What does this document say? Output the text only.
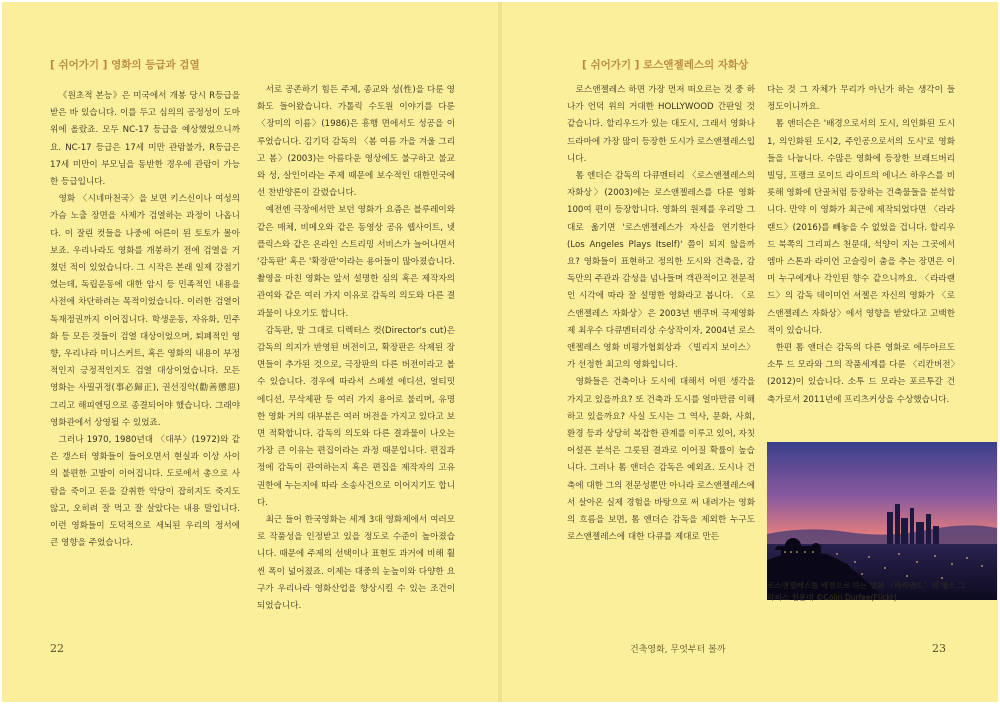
[ 쉬어가기 ] 영화의 등급과 검열

《원초적 본능》은 미국에서 개봉 당시 R등급을 받은 바 있습니다. 이를 두고 심의의 공정성이 도마 위에 올랐죠. 모두 NC-17 등급을 예상했었으니까요. NC-17 등급은 17세 미만 관람불가, R등급은 17세 미만이 부모님을 동반한 경우에 관람이 가능한 등급입니다.

영화 〈시네마천국〉을 보면 키스신이나 여성의 가슴 노출 장면을 사제가 검열하는 과정이 나옵니다. 이 잘린 컷들을 나중에 어른이 된 토토가 몰아 보죠. 우리나라도 영화를 개봉하기 전에 검열을 거쳤던 적이 있었습니다. 그 시작은 본래 일제 강점기였는데, 독립운동에 대한 암시 등 민족적인 내용을 사전에 차단하려는 목적이었습니다. 이러한 검열이 독재정권까지 이어집니다. 학생운동, 자유화, 민주화 등 모든 것들이 검열 대상이었으며, 퇴폐적인 영향, 우리나라 미니스커트, 혹은 영화의 내용이 부정적인지 긍정적인지도 검열 대상이었습니다. 모든 영화는 사필귀정(事必歸正), 권선징악(勸善懲惡) 그리고 해피엔딩으로 종결되어야 했습니다. 그래야 영화관에서 상영될 수 있었죠.

그러나 1970, 1980년대 〈대부〉(1972)와 같은 갱스터 영화들이 들어오면서 현실과 이상 사이의 불편한 고발이 이어집니다. 도로에서 총으로 사람을 죽이고 돈을 갈취한 악당이 잡히지도 죽지도 않고, 오히려 잘 먹고 잘 살았다는 내용 말입니다. 이런 영화들이 도덕적으로 세뇌된 우리의 정서에 큰 영향을 주었습니다.

서로 공존하기 힘든 주제, 종교와 성(性)을 다룬 영화도 들어왔습니다. 가톨릭 수도원 이야기를 다룬 〈장미의 이름〉(1986)은 흥행 면에서도 성공을 이루었습니다. 김기덕 감독의 〈봄 여름 가을 겨울 그리고 봄〉(2003)는 아름다운 영상에도 불구하고 불교와 성, 살인이라는 주제 때문에 보수적인 대한민국에선 찬반양론이 갈렸습니다.

예전엔 극장에서만 보던 영화가 요즘은 블루레이와 같은 매체, 비메오와 같은 동영상 공유 웹사이트, 넷플릭스와 같은 온라인 스트리밍 서비스가 늘어나면서 '감독판' 혹은 '확장판'이라는 용어들이 많아졌습니다. 촬영을 마친 영화는 앞서 설명한 심의 혹은 제작자의 관여와 같은 여러 가지 이유로 감독의 의도와 다른 결과물이 나오기도 합니다.

감독판, 말 그대로 디렉터스 컷(Director's cut)은 감독의 의지가 반영된 버전이고, 확장판은 삭제된 장면들이 추가된 것으로, 극장판의 다른 버전이라고 볼 수 있습니다. 경우에 따라서 스페셜 에디션, 얼티밋 에디션, 무삭제판 등 여러 가지 용어로 불리며, 유명한 영화 거의 대부분은 여러 버전을 가지고 있다고 보면 적확합니다. 감독의 의도와 다른 결과물이 나오는 가장 큰 이유는 편집이라는 과정 때문입니다. 편집과정에 감독이 관여하는지 혹은 편집을 제작자의 고유권한에 누는지에 따라 소송사건으로 이어지기도 합니다.

최근 들어 한국영화는 세계 3대 영화제에서 여러모로 작품성을 인정받고 있을 정도로 수준이 높아졌습니다. 때문에 주제의 선택이나 표현도 과거에 비해 훨씬 폭이 넓어졌죠. 이제는 대중의 눈높이와 다양한 요구가 우리나라 영화산업을 향상시킬 수 있는 조건이 되었습니다.

22
[ 쉬어가기 ] 로스앤젤레스의 자화상

로스앤젤레스 하면 가장 먼저 떠오르는 것 중 하나가 언덕 위의 거대한 HOLLYWOOD 간판일 것 같습니다. 할리우드가 있는 대도시, 그래서 영화나 드라마에 가장 많이 등장한 도시가 로스앤젤레스입니다.

톰 앤더슨 감독의 다큐멘터리 〈로스앤젤레스의 자화상〉(2003)에는 로스앤젤레스를 다룬 영화 100여 편이 등장합니다. 영화의 원제를 우리말 그대로 옮기면 '로스앤젤레스가 자신을 연기한다(Los Angeles Plays Itself)' 쯤이 되지 않을까요? 영화들이 표현하고 정의한 도시와 건축을, 감독만의 주관과 감성을 넘나들며 객관적이고 전문적인 시각에 따라 잘 설명한 영화라고 봅니다. 〈로스앤젤레스 자화상〉은 2003년 밴쿠버 국제영화제 최우수 다큐멘터리상 수상작이자, 2004년 로스앤젤레스 영화 비평가협회상과 〈빌리지 보이스〉가 선정한 최고의 영화입니다.

영화들은 건축이나 도시에 대해서 어떤 생각을 가지고 있을까요? 또 건축과 도시를 얼마만큼 이해하고 있을까요? 사실 도시는 그 역사, 문화, 사회, 환경 등과 상당히 복잡한 관계를 이루고 있어, 자칫 어설픈 분석은 그릇된 결과로 이어질 확률이 높습니다. 그러나 톰 앤더슨 감독은 예외죠. 도시나 건축에 대한 그의 전문성뿐만 아니라 로스앤젤레스에서 살아온 실제 경험을 바탕으로 써 내려가는 영화의 흐름을 보면, 톰 앤더슨 감독을 제외한 누구도 로스앤젤레스에 대한 다큐를 제대로 만든

다는 것 그 자체가 무리가 아닌가 하는 생각이 들 정도이니까요.

톰 앤더슨은 '배경으로서의 도시, 의인화된 도시1, 의인화된 도시2, 주인공으로서의 도시'로 영화들을 나눕니다. 수많은 영화에 등장한 브래드버리 빌딩, 프랭크 로이드 라이트의 에니스 하우스를 비롯해 영화에 단골처럼 등장하는 건축물들을 분석합니다. 만약 이 영화가 최근에 제작되었다면 〈라라랜드〉(2016)를 빼놓을 수 없었을 겁니다. 할리우드 북쪽의 그리피스 천문대, 석양이 지는 그곳에서 엠마 스톤과 라이언 고슬링이 춤을 추는 장면은 이미 누구에게나 각인된 향수 같으니까요. 〈라라랜드〉의 감독 데이미언 셔젤은 자신의 영화가 〈로스앤젤레스 자화상〉에서 영향을 받았다고 고백한 적이 있습니다.

한편 톰 앤더슨 감독의 다른 영화로 에두아르도 소투 드 모라와 그의 작품세계를 다룬 〈리칸버전〉(2012)이 있습니다. 소투 드 모라는 포르투갈 건축가로서 2011년에 프리츠커상을 수상했습니다.

로스앤젤레스를 배경으로 하는 영화 〈라라랜드〉의 명소 그리피스 천문대 ©Colin Durfee(Flickr)
건축영화, 무엇부터 볼까	23
